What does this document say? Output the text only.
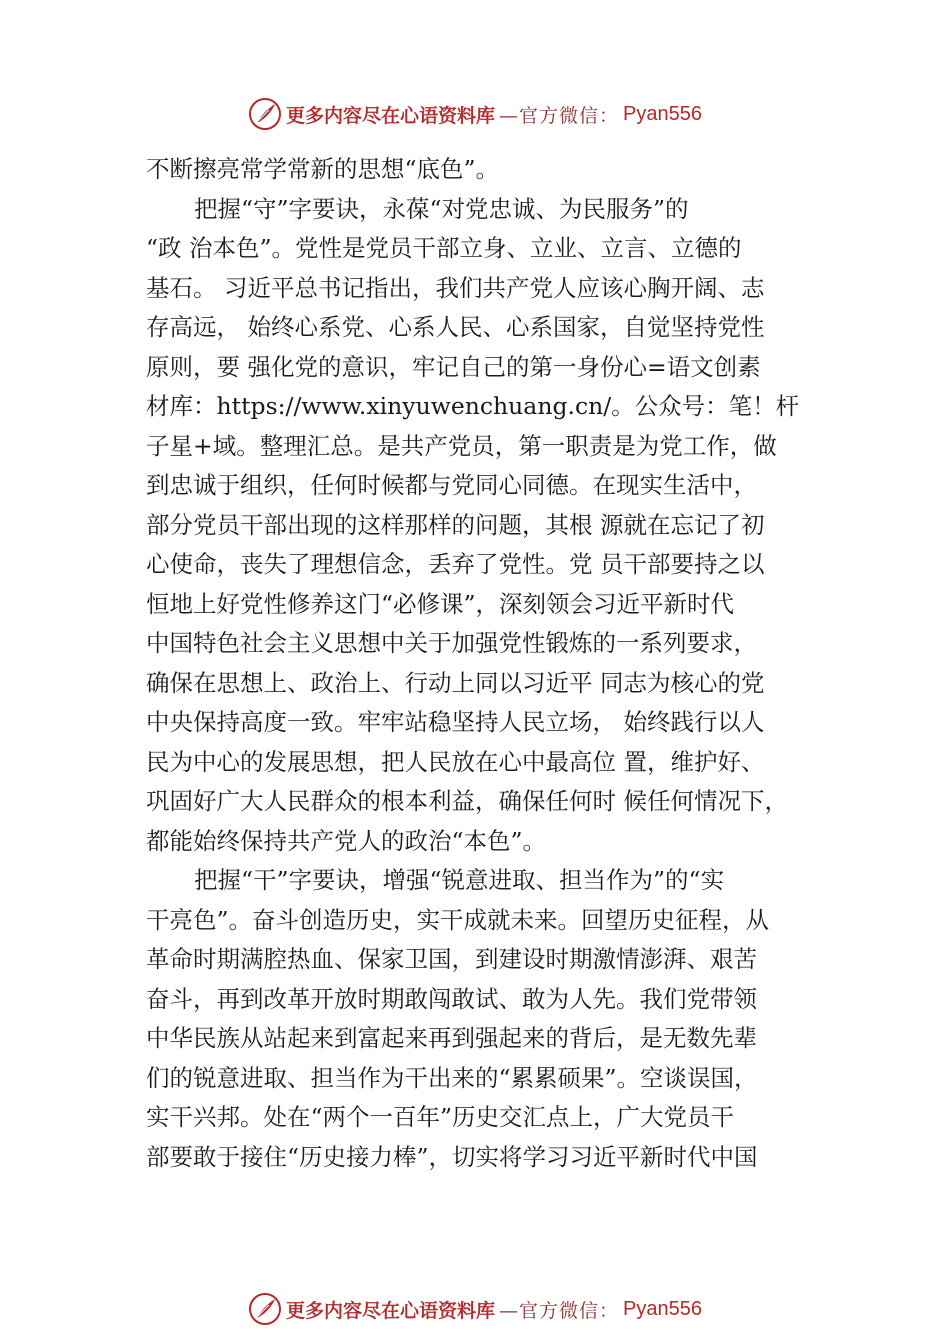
更多内容尽在心语资料库 —官方微信： Pyan556
不断擦亮常学常新的思想“底色”。
把握“守”字要诀，永葆“对党忠诚、为民服务”的
“政 治本色”。党性是党员干部立身、立业、立言、立德的
基石。 习近平总书记指出，我们共产党人应该心胸开阔、志
存高远， 始终心系党、心系人民、心系国家，自觉坚持党性
原则，要 强化党的意识，牢记自己的第一身份心=语文创素
材库：https://www.xinyuwenchuang.cn/。公众号：笔！杆
子星+域。整理汇总。是共产党员，第一职责是为党工作，做
到忠诚于组织，任何时候都与党同心同德。在现实生活中，
部分党员干部出现的这样那样的问题，其根 源就在忘记了初
心使命，丧失了理想信念，丢弃了党性。党 员干部要持之以
恒地上好党性修养这门“必修课”，深刻领会习近平新时代
中国特色社会主义思想中关于加强党性锻炼的一系列要求，
确保在思想上、政治上、行动上同以习近平 同志为核心的党
中央保持高度一致。牢牢站稳坚持人民立场， 始终践行以人
民为中心的发展思想，把人民放在心中最高位 置，维护好、
巩固好广大人民群众的根本利益，确保任何时 候任何情况下，
都能始终保持共产党人的政治“本色”。
把握“干”字要诀，增强“锐意进取、担当作为”的“实
干亮色”。奋斗创造历史，实干成就未来。回望历史征程，从
革命时期满腔热血、保家卫国，到建设时期激情澎湃、艰苦
奋斗，再到改革开放时期敢闯敢试、敢为人先。我们党带领
中华民族从站起来到富起来再到强起来的背后，是无数先辈
们的锐意进取、担当作为干出来的“累累硕果”。空谈误国，
实干兴邦。处在“两个一百年”历史交汇点上，广大党员干
部要敢于接住“历史接力棒”，切实将学习习近平新时代中国
更多内容尽在心语资料库 —官方微信： Pyan556
